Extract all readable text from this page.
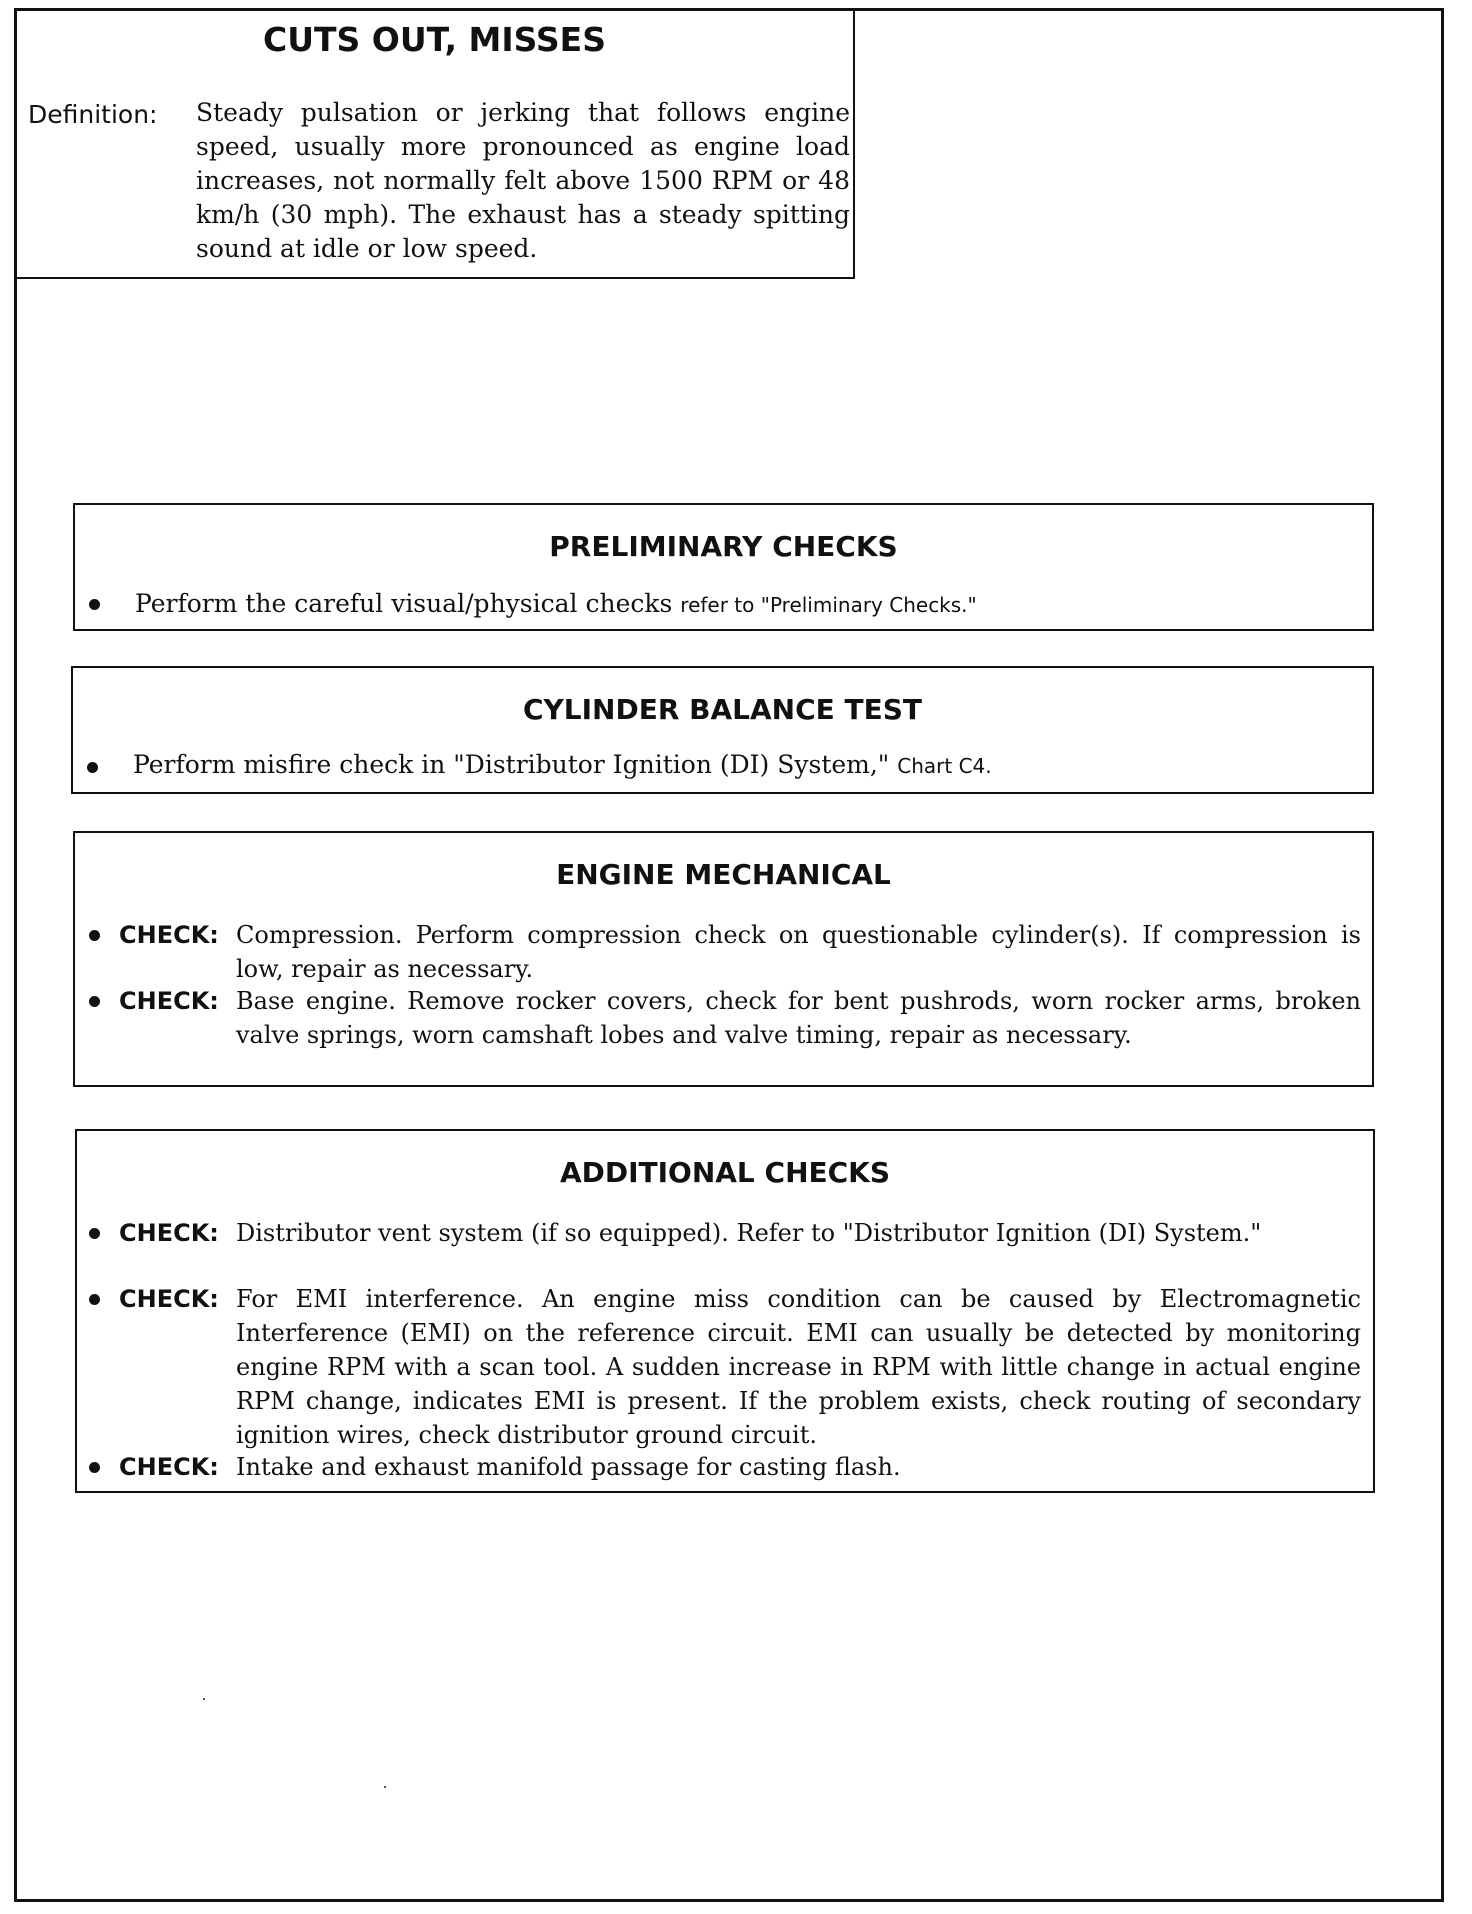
CUTS OUT, MISSES
Definition: Steady pulsation or jerking that follows engine speed, usually more pronounced as engine load increases, not normally felt above 1500 RPM or 48 km/h (30 mph). The exhaust has a steady spitting sound at idle or low speed.
PRELIMINARY CHECKS
Perform the careful visual/physical checks refer to "Preliminary Checks."
CYLINDER BALANCE TEST
Perform misfire check in "Distributor Ignition (DI) System," Chart C4.
ENGINE MECHANICAL
CHECK: Compression. Perform compression check on questionable cylinder(s). If compression is low, repair as necessary.
CHECK: Base engine. Remove rocker covers, check for bent pushrods, worn rocker arms, broken valve springs, worn camshaft lobes and valve timing, repair as necessary.
ADDITIONAL CHECKS
CHECK: Distributor vent system (if so equipped). Refer to "Distributor Ignition (DI) System."
CHECK: For EMI interference. An engine miss condition can be caused by Electromagnetic Interference (EMI) on the reference circuit. EMI can usually be detected by monitoring engine RPM with a scan tool. A sudden increase in RPM with little change in actual engine RPM change, indicates EMI is present. If the problem exists, check routing of secondary ignition wires, check distributor ground circuit.
CHECK: Intake and exhaust manifold passage for casting flash.
